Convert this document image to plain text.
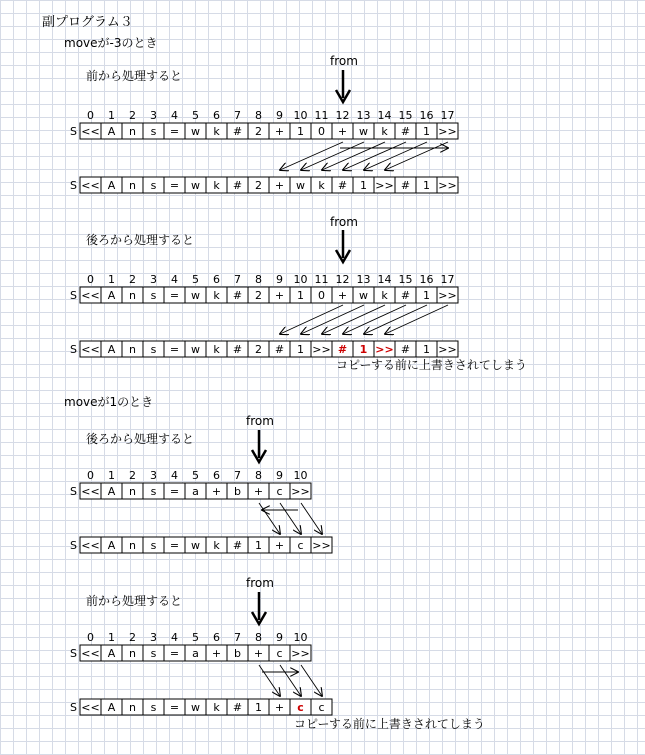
副プログラム３
moveが-3のとき
前から処理すると
from
後ろから処理すると
from
コピーする前に上書きされてしまう
moveが1のとき
後ろから処理すると
from
前から処理すると
from
コピーする前に上書きされてしまう
S
0 1 2 3 4 5 6 7 8 9 10 11 12 13 14 15 16 17
<< A n s = w k # 2 + 1 0 + w k # 1 >>
S << A n s = w k # 2 + w k # 1 >> # 1 >>
S
0 1 2 3 4 5 6 7 8 9 10 11 12 13 14 15 16 17
<< A n s = w k # 2 + 1 0 + w k # 1 >>
S << A n s = w k # 2 # 1 >> # 1 >> # 1 >>
S
0 1 2 3 4 5 6 7 8 9 10
<< A n s = a + b + c >>
S << A n s = w k # 1 + c >>
S
0 1 2 3 4 5 6 7 8 9 10
<< A n s = a + b + c >>
S << A n s = w k # 1 + c c
